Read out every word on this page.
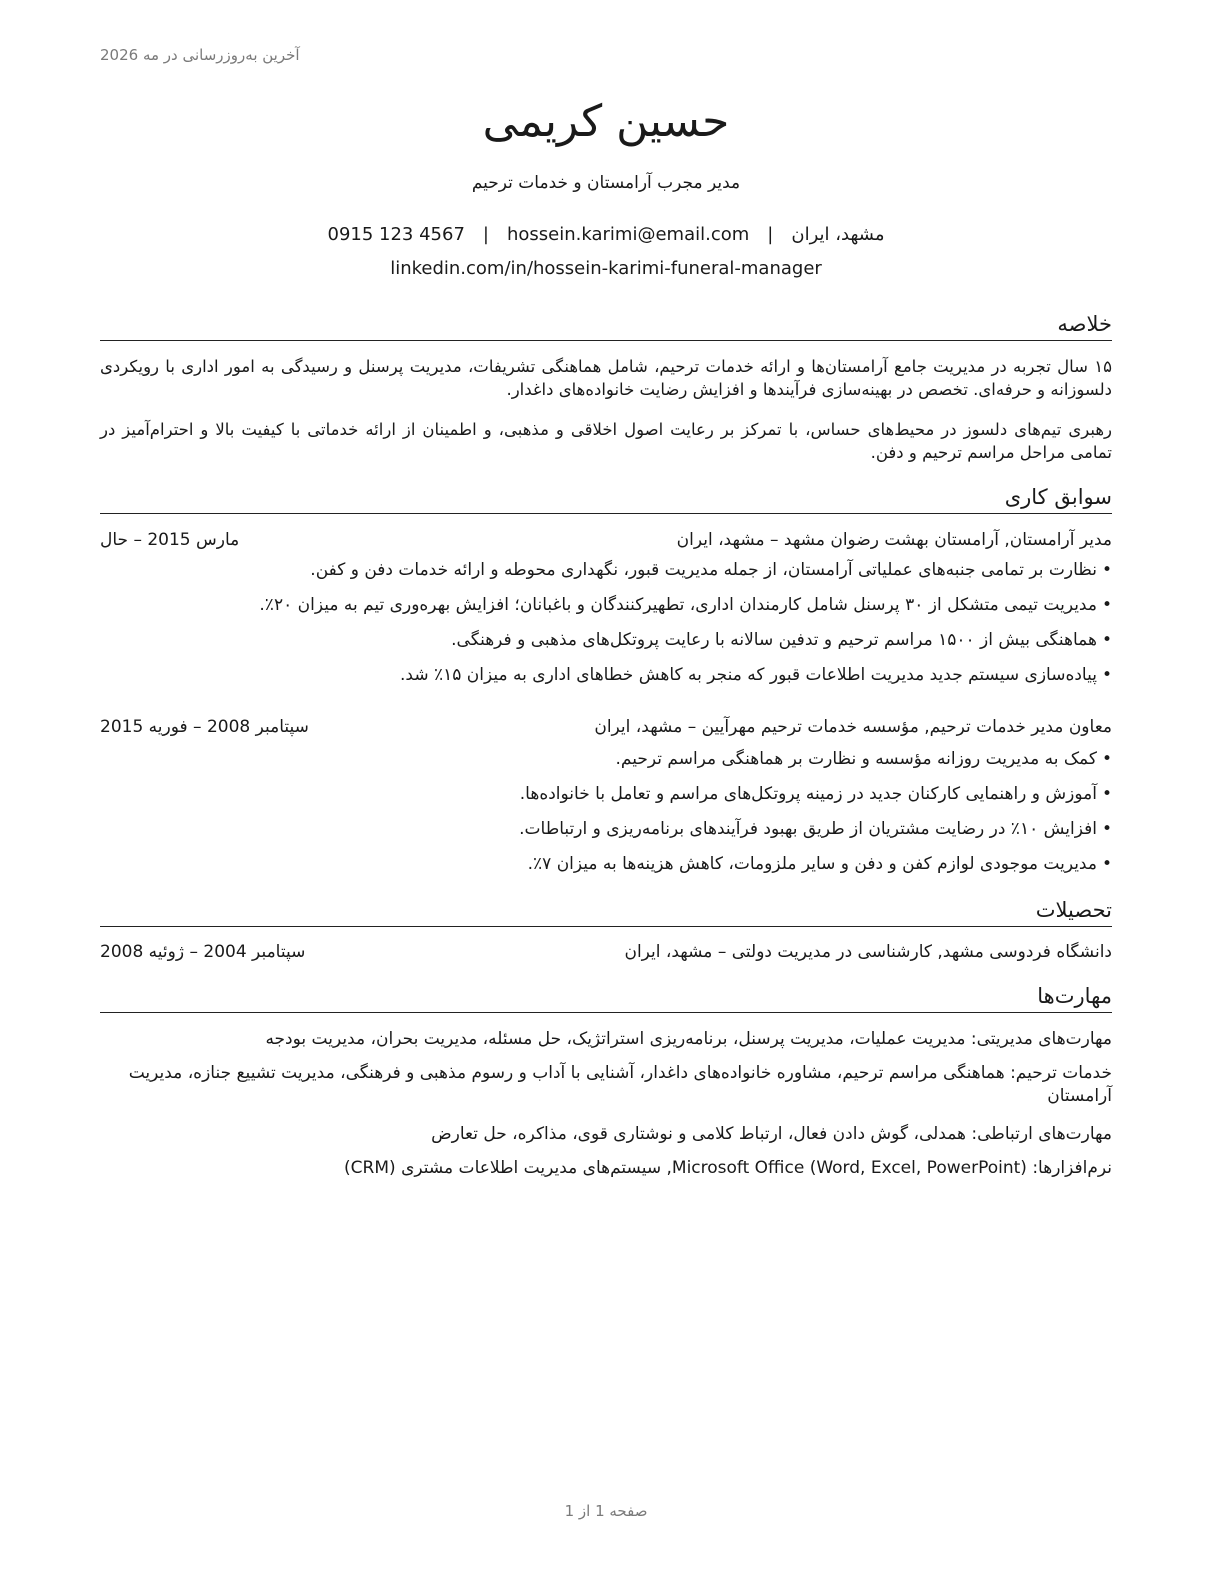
آخرین به‌روزرسانی در مه 2026
حسین کریمی
مدیر مجرب آرامستان و خدمات ترحیم
مشهد، ایران|hossein.karimi@email.com|0915 123 4567
linkedin.com/in/hossein-karimi-funeral-manager
خلاصه
۱۵ سال تجربه در مدیریت جامع آرامستان‌ها و ارائه خدمات ترحیم، شامل هماهنگی تشریفات، مدیریت پرسنل و رسیدگی به امور اداری با رویکردی دلسوزانه و حرفه‌ای. تخصص در بهینه‌سازی فرآیندها و افزایش رضایت خانواده‌های داغدار.
رهبری تیم‌های دلسوز در محیط‌های حساس، با تمرکز بر رعایت اصول اخلاقی و مذهبی، و اطمینان از ارائه خدماتی با کیفیت بالا و احترام‌آمیز در تمامی مراحل مراسم ترحیم و دفن.
سوابق کاری
مدیر آرامستان, آرامستان بهشت رضوان مشهد – مشهد، ایران
مارس 2015 – حال
•نظارت بر تمامی جنبه‌های عملیاتی آرامستان، از جمله مدیریت قبور، نگهداری محوطه و ارائه خدمات دفن و کفن.
•مدیریت تیمی متشکل از ۳۰ پرسنل شامل کارمندان اداری، تطهیرکنندگان و باغبانان؛ افزایش بهره‌وری تیم به میزان ۲۰٪.
•هماهنگی بیش از ۱۵۰۰ مراسم ترحیم و تدفین سالانه با رعایت پروتکل‌های مذهبی و فرهنگی.
•پیاده‌سازی سیستم جدید مدیریت اطلاعات قبور که منجر به کاهش خطاهای اداری به میزان ۱۵٪ شد.
معاون مدیر خدمات ترحیم, مؤسسه خدمات ترحیم مهرآیین – مشهد، ایران
سپتامبر 2008 – فوریه 2015
•کمک به مدیریت روزانه مؤسسه و نظارت بر هماهنگی مراسم ترحیم.
•آموزش و راهنمایی کارکنان جدید در زمینه پروتکل‌های مراسم و تعامل با خانواده‌ها.
•افزایش ۱۰٪ در رضایت مشتریان از طریق بهبود فرآیندهای برنامه‌ریزی و ارتباطات.
•مدیریت موجودی لوازم کفن و دفن و سایر ملزومات، کاهش هزینه‌ها به میزان ۷٪.
تحصیلات
دانشگاه فردوسی مشهد, کارشناسی در مدیریت دولتی – مشهد، ایران
سپتامبر 2004 – ژوئیه 2008
مهارت‌ها
مهارت‌های مدیریتی: مدیریت عملیات، مدیریت پرسنل، برنامه‌ریزی استراتژیک، حل مسئله، مدیریت بحران، مدیریت بودجه
خدمات ترحیم: هماهنگی مراسم ترحیم، مشاوره خانواده‌های داغدار، آشنایی با آداب و رسوم مذهبی و فرهنگی، مدیریت تشییع جنازه، مدیریت آرامستان
مهارت‌های ارتباطی: همدلی، گوش دادن فعال، ارتباط کلامی و نوشتاری قوی، مذاکره، حل تعارض
نرم‌افزارها: Microsoft Office (Word, Excel, PowerPoint), سیستم‌های مدیریت اطلاعات مشتری (CRM)
صفحه 1 از 1
